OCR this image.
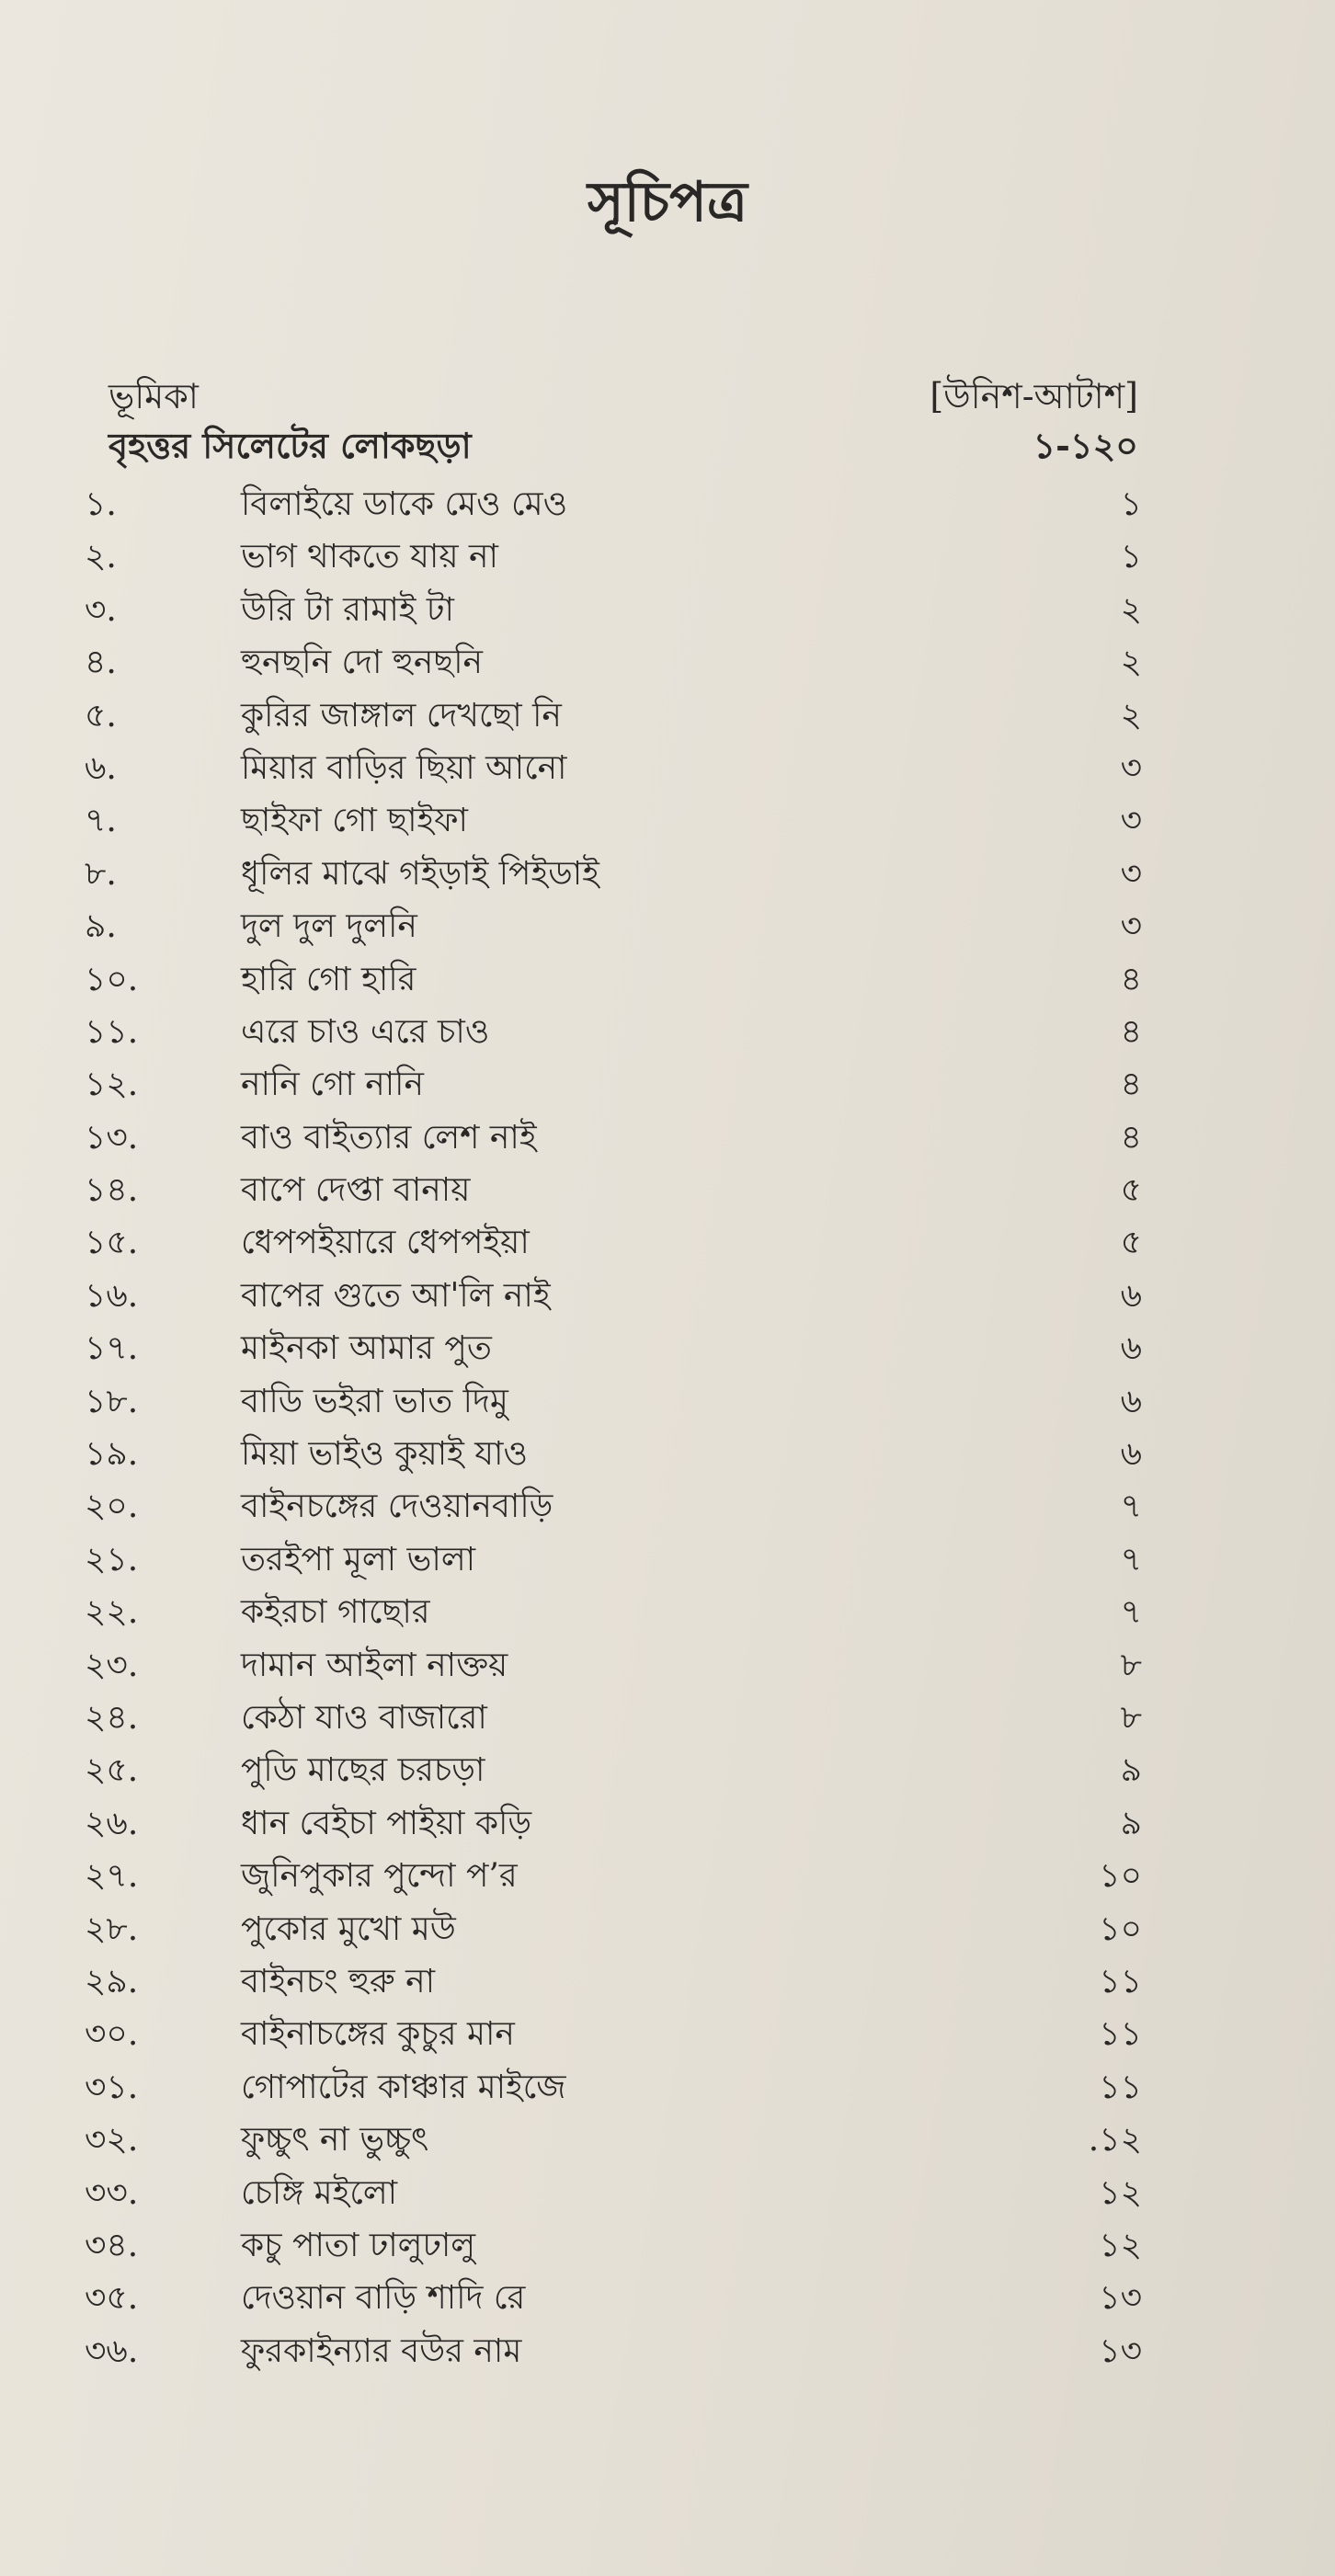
সূচিপত্র
ভূমিকা	[উনিশ-আটাশ]
বৃহত্তর সিলেটের লোকছড়া	১-১২০
১.	বিলাইয়ে ডাকে মেও মেও	১
২.	ভাগ থাকতে যায় না	১
৩.	উরি টা রামাই টা	২
৪.	হুনছনি দো হুনছনি	২
৫.	কুরির জাঙ্গাল দেখছো নি	২
৬.	মিয়ার বাড়ির ছিয়া আনো	৩
৭.	ছাইফা গো ছাইফা	৩
৮.	ধূলির মাঝে গইড়াই পিইডাই	৩
৯.	দুল দুল দুলনি	৩
১০.	হারি গো হারি	৪
১১.	এরে চাও এরে চাও	৪
১২.	নানি গো নানি	৪
১৩.	বাও বাইত্যার লেশ নাই	৪
১৪.	বাপে দেপ্তা বানায়	৫
১৫.	ধেপপইয়ারে ধেপপইয়া	৫
১৬.	বাপের গুতে আ'লি নাই	৬
১৭.	মাইনকা আমার পুত	৬
১৮.	বাডি ভইরা ভাত দিমু	৬
১৯.	মিয়া ভাইও কুয়াই যাও	৬
২০.	বাইনচঙ্গের দেওয়ানবাড়ি	৭
২১.	তরইপা মূলা ভালা	৭
২২.	কইরচা গাছোর	৭
২৩.	দামান আইলা নাক্তয়	৮
২৪.	কেঠা যাও বাজারো	৮
২৫.	পুডি মাছের চরচড়া	৯
২৬.	ধান বেইচা পাইয়া কড়ি	৯
২৭.	জুনিপুকার পুন্দো প’র	১০
২৮.	পুকোর মুখো মউ	১০
২৯.	বাইনচং হুরু না	১১
৩০.	বাইনাচঙ্গের কুচুর মান	১১
৩১.	গোপাটের কাঞ্চার মাইজে	১১
৩২.	ফুচ্চুৎ না ভুচ্চুৎ	.১২
৩৩.	চেঙ্গি মইলো	১২
৩৪.	কচু পাতা ঢালুঢালু	১২
৩৫.	দেওয়ান বাড়ি শাদি রে	১৩
৩৬.	ফুরকাইন্যার বউর নাম	১৩
